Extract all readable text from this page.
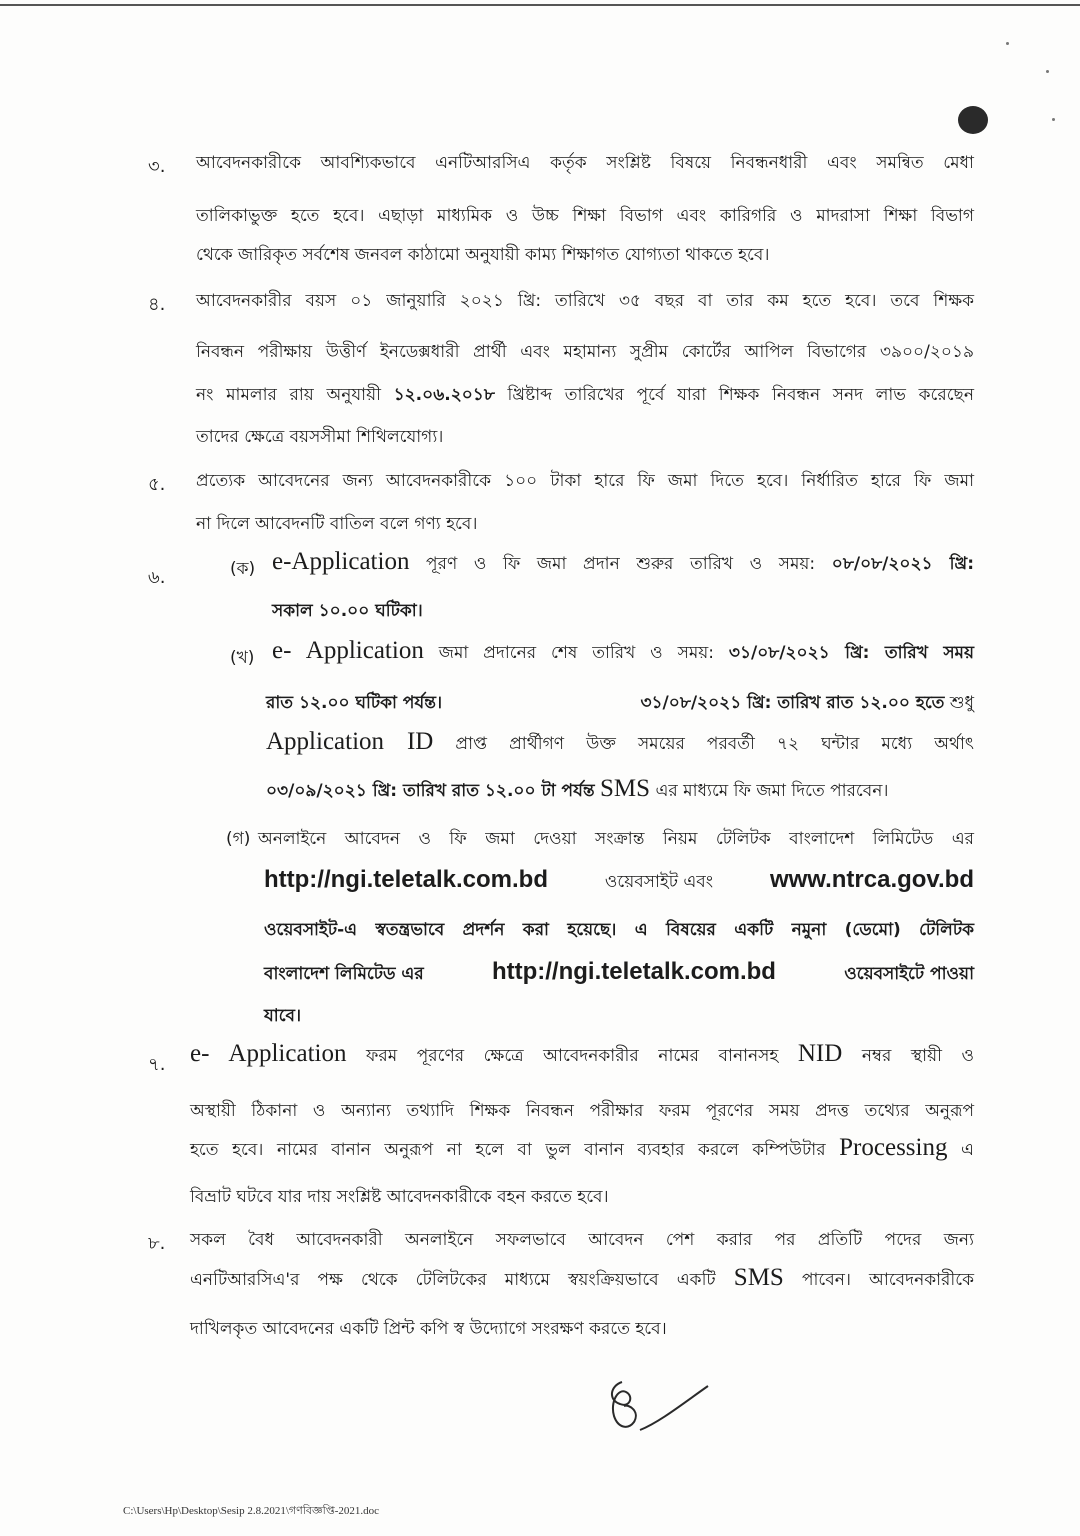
৩. আবেদনকারীকে আবশ্যিকভাবে এনটিআরসিএ কর্তৃক সংশ্লিষ্ট বিষয়ে নিবন্ধনধারী এবং সমন্বিত মেধা
তালিকাভুক্ত হতে হবে। এছাড়া মাধ্যমিক ও উচ্চ শিক্ষা বিভাগ এবং কারিগরি ও মাদরাসা শিক্ষা বিভাগ
থেকে জারিকৃত সর্বশেষ জনবল কাঠামো অনুযায়ী কাম্য শিক্ষাগত যোগ্যতা থাকতে হবে।
৪. আবেদনকারীর বয়স ০১ জানুয়ারি ২০২১ খ্রি: তারিখে ৩৫ বছর বা তার কম হতে হবে। তবে শিক্ষক
নিবন্ধন পরীক্ষায় উত্তীর্ণ ইনডেক্সধারী প্রার্থী এবং মহামান্য সুপ্রীম কোর্টের আপিল বিভাগের ৩৯০০/২০১৯
নং মামলার রায় অনুযায়ী ১২.০৬.২০১৮ খ্রিষ্টাব্দ তারিখের পূর্বে যারা শিক্ষক নিবন্ধন সনদ লাভ করেছেন
তাদের ক্ষেত্রে বয়সসীমা শিথিলযোগ্য।
৫. প্রত্যেক আবেদনের জন্য আবেদনকারীকে ১০০ টাকা হারে ফি জমা দিতে হবে। নির্ধারিত হারে ফি জমা
না দিলে আবেদনটি বাতিল বলে গণ্য হবে।
৬.	(ক) e-Application পূরণ ও ফি জমা প্রদান শুরুর তারিখ ও সময়: ০৮/০৮/২০২১ খ্রি:
সকাল ১০.০০ ঘটিকা।
(খ) e- Application জমা প্রদানের শেষ তারিখ ও সময়: ৩১/০৮/২০২১ খ্রি: তারিখ সময়
রাত ১২.০০ ঘটিকা পর্যন্ত।	৩১/০৮/২০২১ খ্রি: তারিখ রাত ১২.০০ হতে শুধু
Application ID প্রাপ্ত প্রার্থীগণ উক্ত সময়ের পরবর্তী ৭২ ঘন্টার মধ্যে অর্থাৎ
০৩/০৯/২০২১ খ্রি: তারিখ রাত ১২.০০ টা পর্যন্ত SMS এর মাধ্যমে ফি জমা দিতে পারবেন।
(গ) অনলাইনে আবেদন ও ফি জমা দেওয়া সংক্রান্ত নিয়ম টেলিটক বাংলাদেশ লিমিটেড এর
http://ngi.teletalk.com.bd	ওয়েবসাইট এবং www.ntrca.gov.bd
ওয়েবসাইট-এ স্বতন্ত্রভাবে প্রদর্শন করা হয়েছে। এ বিষয়ের একটি নমুনা (ডেমো) টেলিটক
বাংলাদেশ লিমিটেড এর	http://ngi.teletalk.com.bd	ওয়েবসাইটে পাওয়া
যাবে।
৭. e- Application ফরম পূরণের ক্ষেত্রে আবেদনকারীর নামের বানানসহ NID নম্বর স্থায়ী ও
অস্থায়ী ঠিকানা ও অন্যান্য তথ্যাদি শিক্ষক নিবন্ধন পরীক্ষার ফরম পূরণের সময় প্রদত্ত তথ্যের অনুরূপ
হতে হবে। নামের বানান অনুরূপ না হলে বা ভুল বানান ব্যবহার করলে কম্পিউটার Processing এ
বিভ্রাট ঘটবে যার দায় সংশ্লিষ্ট আবেদনকারীকে বহন করতে হবে।
৮. সকল বৈধ আবেদনকারী অনলাইনে সফলভাবে আবেদন পেশ করার পর প্রতিটি পদের জন্য
এনটিআরসিএ'র পক্ষ থেকে টেলিটকের মাধ্যমে স্বয়ংক্রিয়ভাবে একটি SMS পাবেন। আবেদনকারীকে
দাখিলকৃত আবেদনের একটি প্রিন্ট কপি স্ব উদ্যোগে সংরক্ষণ করতে হবে।
C:\Users\Hp\Desktop\Sesip 2.8.2021\গণবিজ্ঞপ্তি-2021.doc
